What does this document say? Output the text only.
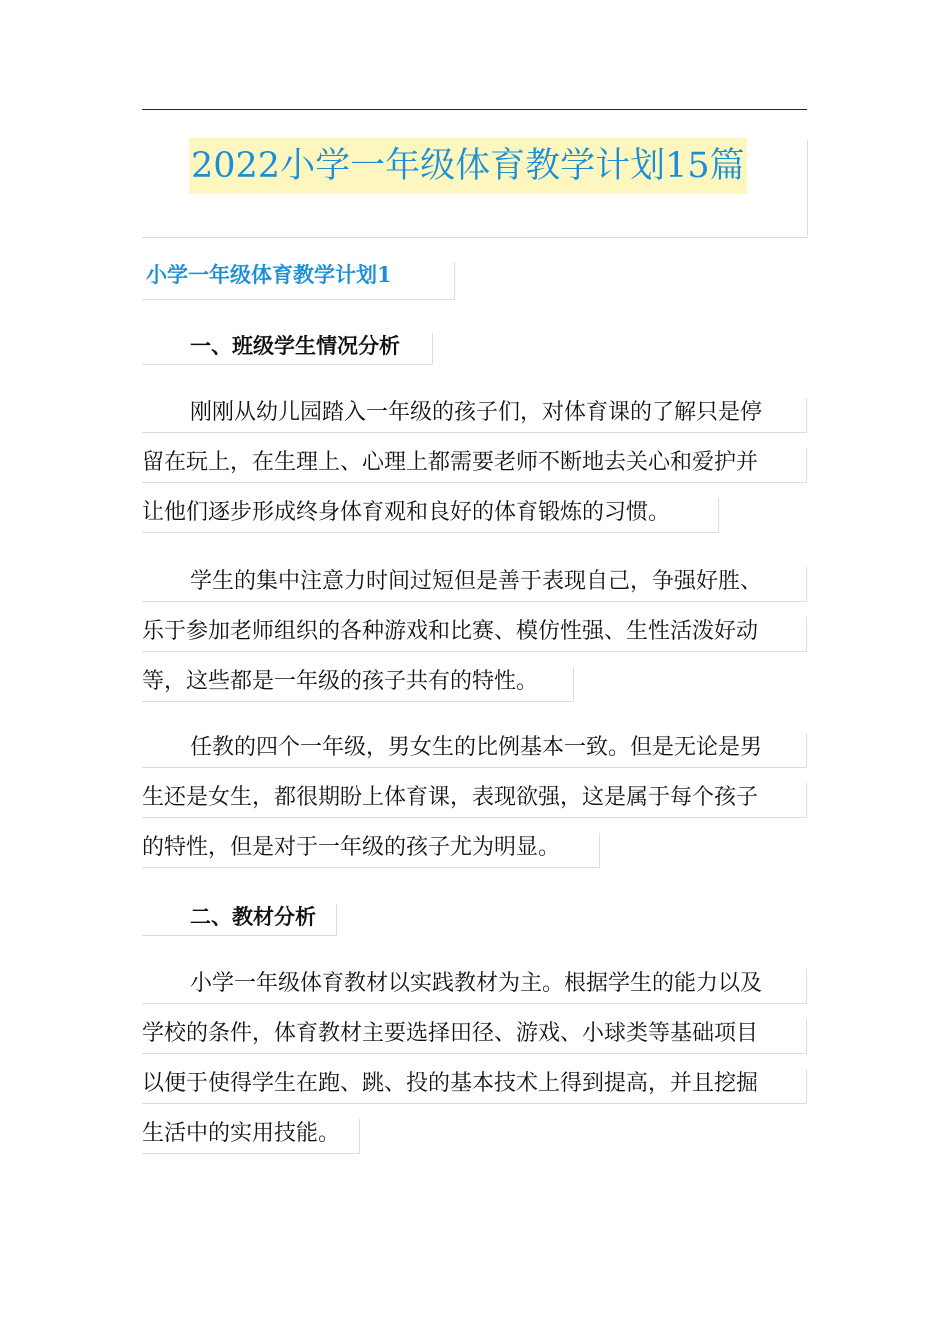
2022小学一年级体育教学计划15篇
小学一年级体育教学计划1
一、班级学生情况分析
刚刚从幼儿园踏入一年级的孩子们，对体育课的了解只是停
留在玩上，在生理上、心理上都需要老师不断地去关心和爱护并
让他们逐步形成终身体育观和良好的体育锻炼的习惯。
学生的集中注意力时间过短但是善于表现自己，争强好胜、
乐于参加老师组织的各种游戏和比赛、模仿性强、生性活泼好动
等，这些都是一年级的孩子共有的特性。
任教的四个一年级，男女生的比例基本一致。但是无论是男
生还是女生，都很期盼上体育课，表现欲强，这是属于每个孩子
的特性，但是对于一年级的孩子尤为明显。
二、教材分析
小学一年级体育教材以实践教材为主。根据学生的能力以及
学校的条件，体育教材主要选择田径、游戏、小球类等基础项目
以便于使得学生在跑、跳、投的基本技术上得到提高，并且挖掘
生活中的实用技能。
